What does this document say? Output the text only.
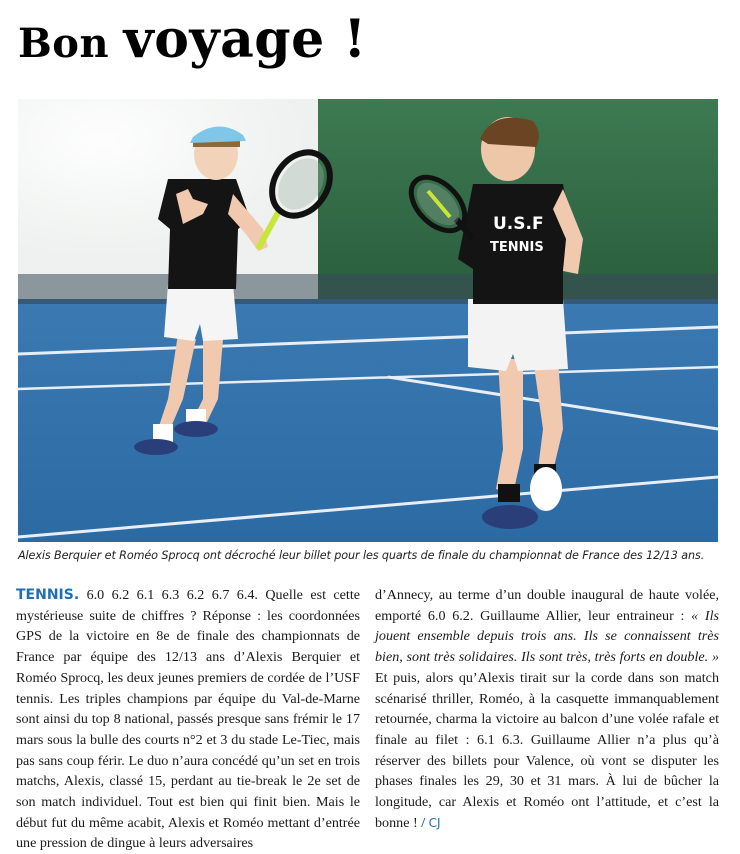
Bon voyage !
U.S.F
TENNIS
Alexis Berquier et Roméo Sprocq ont décroché leur billet pour les quarts de finale du championnat de France des 12/13 ans.

TENNIS. 6.0 6.2 6.1 6.3 6.2 6.7 6.4. Quelle est cette mystérieuse suite de chiffres ? Réponse : les coordonnées GPS de la victoire en 8e de finale des championnats de France par équipe des 12/13 ans d’Alexis Berquier et Roméo Sprocq, les deux jeunes premiers de cordée de l’USF tennis. Les triples champions par équipe du Val-de-Marne sont ainsi du top 8 national, passés presque sans frémir le 17 mars sous la bulle des courts n°2 et 3 du stade Le-Tiec, mais pas sans coup férir. Le duo n’aura concédé qu’un set en trois matchs, Alexis, classé 15, perdant au tie-break le 2e set de son match individuel. Tout est bien qui finit bien. Mais le début fut du même acabit, Alexis et Roméo mettant d’entrée une pression de dingue à leurs adversaires

d’Annecy, au terme d’un double inaugural de haute volée, emporté 6.0 6.2. Guillaume Allier, leur entraineur : « Ils jouent ensemble depuis trois ans. Ils se connaissent très bien, sont très solidaires. Ils sont très, très forts en double. » Et puis, alors qu’Alexis tirait sur la corde dans son match scénarisé thriller, Roméo, à la casquette immanquablement retournée, charma la victoire au balcon d’une volée rafale et finale au filet : 6.1 6.3. Guillaume Allier n’a plus qu’à réserver des billets pour Valence, où vont se disputer les phases finales les 29, 30 et 31 mars. À lui de bûcher la longitude, car Alexis et Roméo ont l’attitude, et c’est la bonne ! / CJ
